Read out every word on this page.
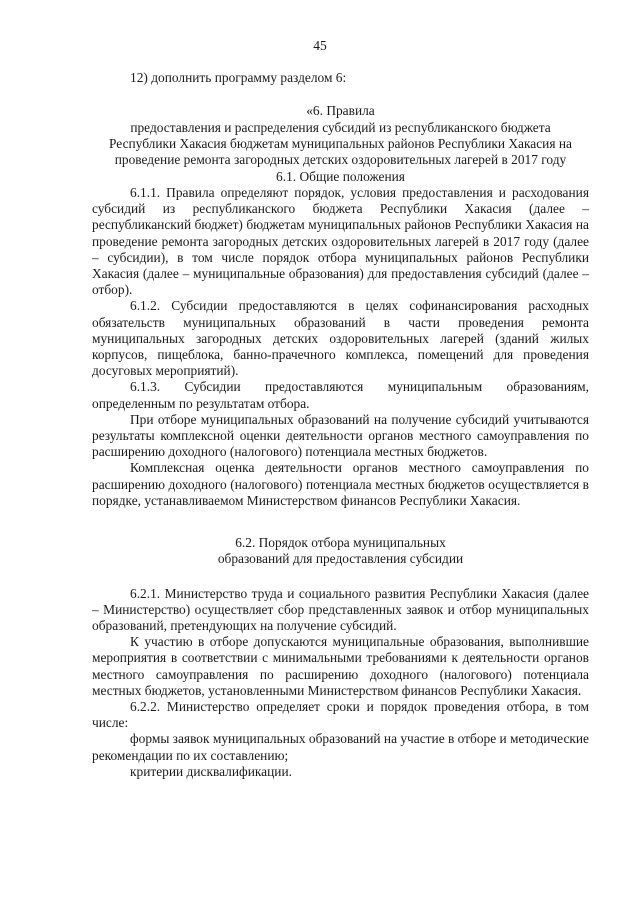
45

12) дополнить программу разделом 6:

«6. Правила

предоставления и распределения субсидий из республиканского бюджета

Республики Хакасия бюджетам муниципальных районов Республики Хакасия на

проведение ремонта загородных детских оздоровительных лагерей в 2017 году

6.1. Общие положения

6.1.1. Правила определяют порядок, условия предоставления и расходования субсидий из республиканского бюджета Республики Хакасия (далее – республиканский бюджет) бюджетам муниципальных районов Республики Хакасия на проведение ремонта загородных детских оздоровительных лагерей в 2017 году (далее – субсидии), в том числе порядок отбора муниципальных районов Республики Хакасия (далее – муниципальные образования) для предоставления субсидий (далее – отбор).

6.1.2. Субсидии предоставляются в целях софинансирования расходных обязательств муниципальных образований в части проведения ремонта муниципальных загородных детских оздоровительных лагерей (зданий жилых корпусов, пищеблока, банно-прачечного комплекса, помещений для проведения досуговых мероприятий).

6.1.3. Субсидии предоставляются муниципальным образованиям, определенным по результатам отбора.

При отборе муниципальных образований на получение субсидий учитываются результаты комплексной оценки деятельности органов местного самоуправления по расширению доходного (налогового) потенциала местных бюджетов.

Комплексная оценка деятельности органов местного самоуправления по расширению доходного (налогового) потенциала местных бюджетов осуществляется в порядке, устанавливаемом Министерством финансов Республики Хакасия.

6.2. Порядок отбора муниципальных

образований для предоставления субсидии

6.2.1. Министерство труда и социального развития Республики Хакасия (далее – Министерство) осуществляет сбор представленных заявок и отбор муниципальных образований, претендующих на получение субсидий.

К участию в отборе допускаются муниципальные образования, выполнившие мероприятия в соответствии с минимальными требованиями к деятельности органов местного самоуправления по расширению доходного (налогового) потенциала местных бюджетов, установленными Министерством финансов Республики Хакасия.

6.2.2. Министерство определяет сроки и порядок проведения отбора, в том числе:

формы заявок муниципальных образований на участие в отборе и методические рекомендации по их составлению;

критерии дисквалификации.
